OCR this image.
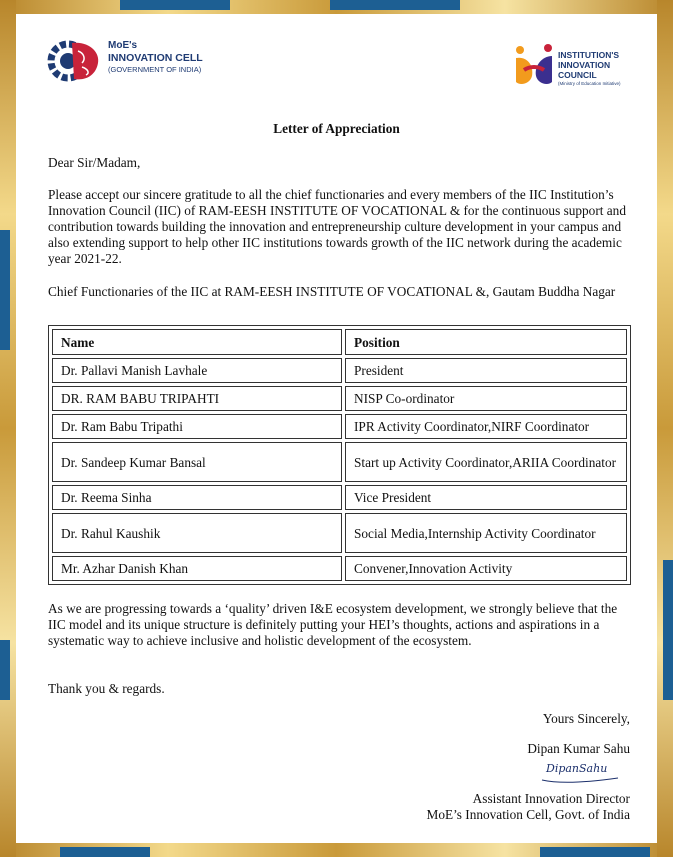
MoE's
INNOVATION CELL
(GOVERNMENT OF INDIA)
INSTITUTION'S
INNOVATION
COUNCIL
(Ministry of Education Initiative)
Letter of Appreciation
Dear Sir/Madam,
Please accept our sincere gratitude to all the chief functionaries and every members of the IIC Institution’s Innovation Council (IIC) of RAM-EESH INSTITUTE OF VOCATIONAL & for the continuous support and contribution towards building the innovation and entrepreneurship culture development in your campus and also extending support to help other IIC institutions towards growth of the IIC network during the academic year 2021-22.
Chief Functionaries of the IIC at RAM-EESH INSTITUTE OF VOCATIONAL &, Gautam Buddha Nagar
Name	Position
Dr. Pallavi Manish Lavhale	President
DR. RAM BABU TRIPAHTI	NISP Co-ordinator
Dr. Ram Babu Tripathi	IPR Activity Coordinator,NIRF Coordinator
Dr. Sandeep Kumar Bansal	Start up Activity Coordinator,ARIIA Coordinator
Dr. Reema Sinha	Vice President
Dr. Rahul Kaushik	Social Media,Internship Activity Coordinator
Mr. Azhar Danish Khan	Convener,Innovation Activity
As we are progressing towards a ‘quality’ driven I&E ecosystem development, we strongly believe that the IIC model and its unique structure is definitely putting your HEI’s thoughts, actions and aspirations in a systematic way to achieve inclusive and holistic development of the ecosystem.
Thank you & regards.
Yours Sincerely,
Dipan Kumar Sahu
DipanSahu
Assistant Innovation Director
MoE’s Innovation Cell, Govt. of India
